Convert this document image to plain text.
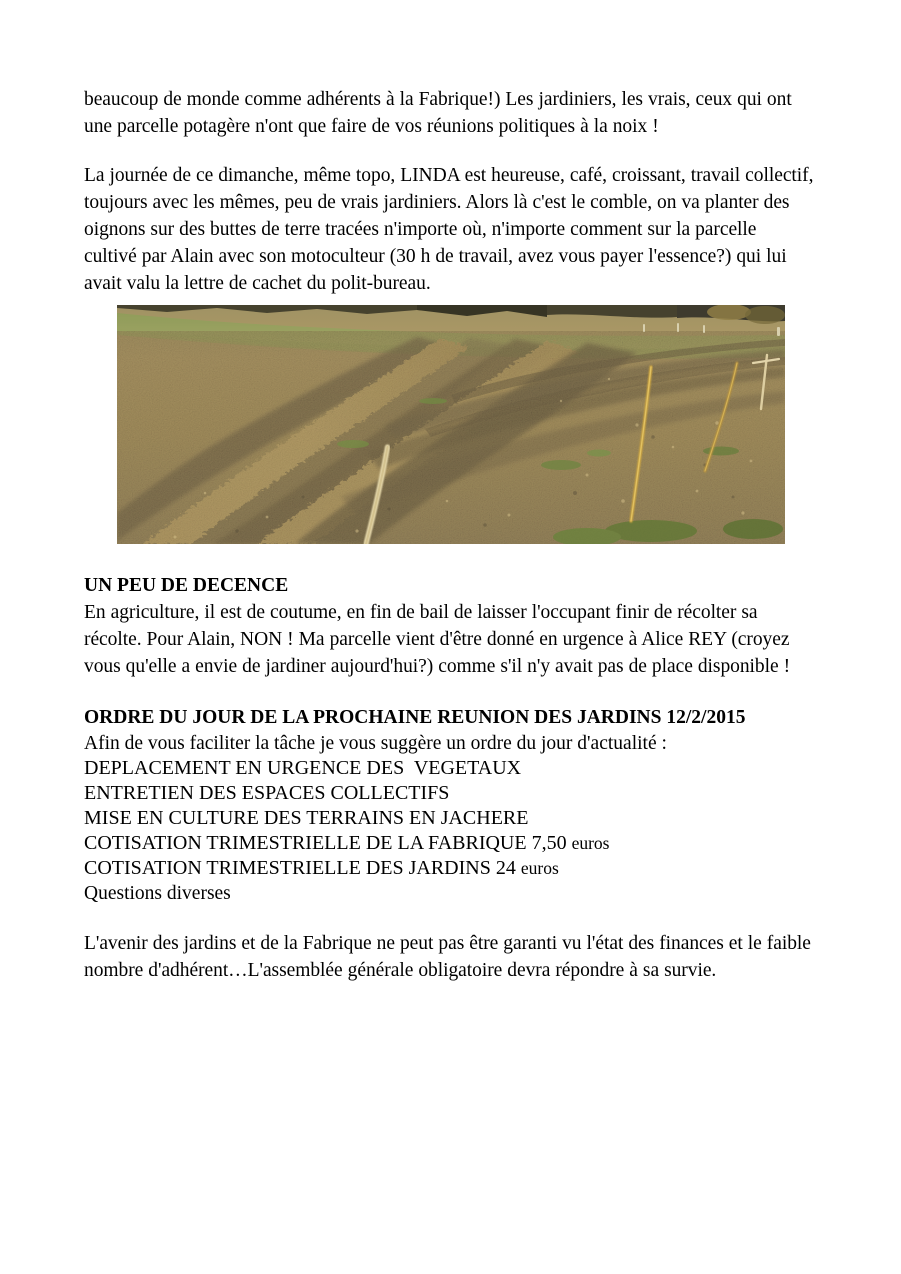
beaucoup de monde comme adhérents à la Fabrique!) Les jardiniers, les vrais, ceux qui ont une parcelle potagère n'ont que faire de vos réunions politiques à la noix !

La journée de ce dimanche, même topo, LINDA est heureuse, café, croissant, travail collectif, toujours avec les mêmes, peu de vrais jardiniers. Alors là c'est le comble, on va planter des oignons sur des buttes de terre tracées n'importe où, n'importe comment sur la parcelle cultivé par Alain avec son motoculteur (30 h de travail, avez vous payer l'essence?) qui lui avait valu la lettre de cachet du polit-bureau.

UN PEU DE DECENCE

En agriculture, il est de coutume, en fin de bail de laisser l'occupant finir de récolter sa récolte. Pour Alain, NON ! Ma parcelle vient d'être donné en urgence à Alice REY (croyez vous qu'elle a envie de jardiner aujourd'hui?) comme s'il n'y avait pas de place disponible !

ORDRE DU JOUR DE LA PROCHAINE REUNION DES JARDINS 12/2/2015

Afin de vous faciliter la tâche je vous suggère un ordre du jour d'actualité :

DEPLACEMENT EN URGENCE DES  VEGETAUX

ENTRETIEN DES ESPACES COLLECTIFS

MISE EN CULTURE DES TERRAINS EN JACHERE

COTISATION TRIMESTRIELLE DE LA FABRIQUE 7,50 euros

COTISATION TRIMESTRIELLE DES JARDINS 24 euros

Questions diverses

L'avenir des jardins et de la Fabrique ne peut pas être garanti vu l'état des finances et le faible nombre d'adhérent…L'assemblée générale obligatoire devra répondre à sa survie.
